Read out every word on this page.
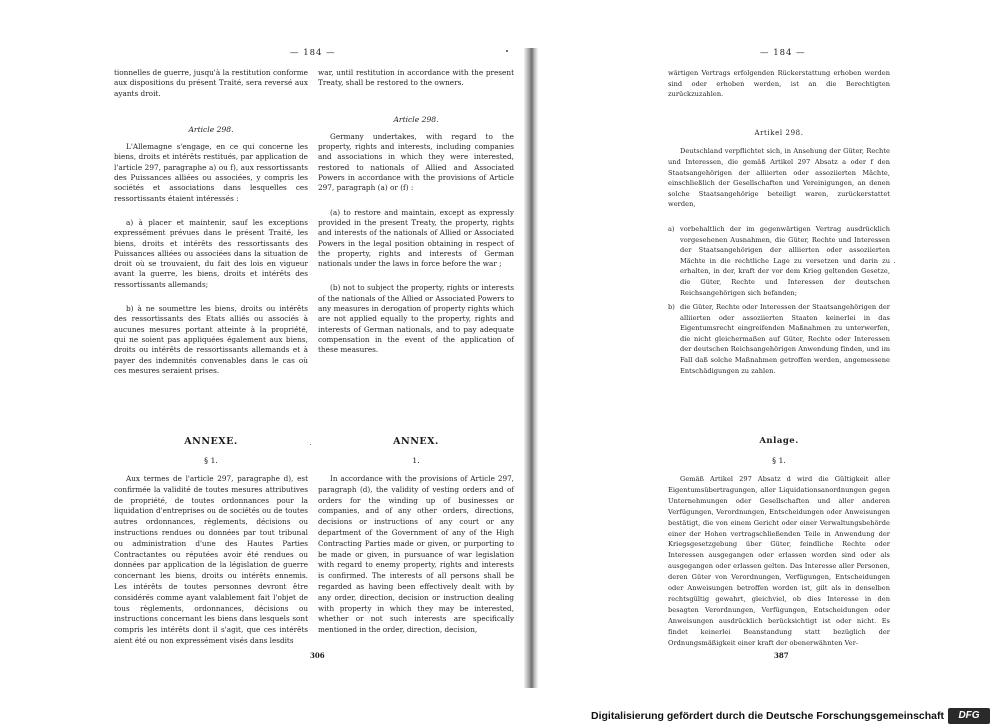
— 184 —

tionnelles de guerre, jusqu'à la restitution conforme aux dispositions du présent Traité, sera reversé aux ayants droit.

Article 298.

L'Allemagne s'engage, en ce qui concerne les biens, droits et intérêts restitués, par application de l'article 297, paragraphe a) ou f), aux ressortissants des Puissances alliées ou associées, y compris les sociétés et associations dans lesquelles ces ressortissants étaient intéressés :

a) à placer et maintenir, sauf les exceptions expressément prévues dans le présent Traité, les biens, droits et intérêts des ressortissants des Puissances alliées ou associées dans la situation de droit où se trouvaient, du fait des lois en vigueur avant la guerre, les biens, droits et intérêts des ressortissants allemands;

b) à ne soumettre les biens, droits ou intérêts des ressortissants des Etats alliés ou associés à aucunes mesures portant atteinte à la propriété, qui ne soient pas appliquées également aux biens, droits ou intérêts de ressortissants allemands et à payer des indemnités convenables dans le cas où ces mesures seraient prises.

war, until restitution in accordance with the present Treaty, shall be restored to the owners.

Article 298.

Germany undertakes, with regard to the property, rights and interests, including companies and associations in which they were interested, restored to nationals of Allied and Associated Powers in accordance with the provisions of Article 297, paragraph (a) or (f) :

(a) to restore and maintain, except as expressly provided in the present Treaty, the property, rights and interests of the nationals of Allied or Associated Powers in the legal position obtaining in respect of the property, rights and interests of German nationals under the laws in force before the war ;

(b) not to subject the property, rights or interests of the nationals of the Allied or Associated Powers to any measures in derogation of property rights which are not applied equally to the property, rights and interests of German nationals, and to pay adequate compensation in the event of the application of these measures.

ANNEXE.	ANNEX.
§ 1.	1.

Aux termes de l'article 297, paragraphe d), est confirmée la validité de toutes mesures attributives de propriété, de toutes ordonnances pour la liquidation d'entreprises ou de sociétés ou de toutes autres ordonnances, règlements, décisions ou instructions rendues ou données par tout tribunal ou administration d'une des Hautes Parties Contractantes ou réputées avoir été rendues ou données par application de la législation de guerre concernant les biens, droits ou intérêts ennemis. Les intérêts de toutes personnes devront être considérés comme ayant valablement fait l'objet de tous règlements, ordonnances, décisions ou instructions concernant les biens dans lesquels sont compris les intérêts dont il s'agit, que ces intérêts aient été ou non expressément visés dans lesdits

In accordance with the provisions of Article 297, paragraph (d), the validity of vesting orders and of orders for the winding up of businesses or companies, and of any other orders, directions, decisions or instructions of any court or any department of the Government of any of the High Contracting Parties made or given, or purporting to be made or given, in pursuance of war legislation with regard to enemy property, rights and interests is confirmed. The interests of all persons shall be regarded as having been effectively dealt with by any order, direction, decision or instruction dealing with property in which they may be interested, whether or not such interests are specifically mentioned in the order, direction, decision,

306
— 184 —

wärtigen Vertrags erfolgenden Rückerstattung erhoben werden sind oder erhoben werden, ist an die Berechtigten zurückzuzahlen.

Artikel 298.

Deutschland verpflichtet sich, in Ansehung der Güter, Rechte und Interessen, die gemäß Artikel 297 Absatz a oder f den Staatsangehörigen der alliierten oder assoziierten Mächte, einschließlich der Gesellschaften und Vereinigungen, an denen solche Staatsangehörige beteiligt waren, zurückerstattet werden,

a) vorbehaltlich der im gegenwärtigen Vertrag ausdrücklich vorgesehenen Ausnahmen, die Güter, Rechte und Interessen der Staatsangehörigen der alliierten oder assoziierten Mächte in die rechtliche Lage zu versetzen und darin zu erhalten, in der, kraft der vor dem Krieg geltenden Gesetze, die Güter, Rechte und Interessen der deutschen Reichsangehörigen sich befanden;
b) die Güter, Rechte oder Interessen der Staatsangehörigen der alliierten oder assoziierten Staaten keinerlei in das Eigentumsrecht eingreifenden Maßnahmen zu unterwerfen, die nicht gleichermaßen auf Güter, Rechte oder Interessen der deutschen Reichsangehörigen Anwendung finden, und im Fall daß solche Maßnahmen getroffen werden, angemessene Entschädigungen zu zahlen.
Anlage.
§ 1.

Gemäß Artikel 297 Absatz d wird die Gültigkeit aller Eigentumsübertragungen, aller Liquidationsanordnungen gegen Unternehmungen oder Gesellschaften und aller anderen Verfügungen, Verordnungen, Entscheidungen oder Anweisungen bestätigt, die von einem Gericht oder einer Verwaltungsbehörde einer der Hohen vertragschließenden Teile in Anwendung der Kriegsgesetzgebung über Güter, feindliche Rechte oder Interessen ausgegangen oder erlassen worden sind oder als ausgegangen oder erlassen gelten. Das Interesse aller Personen, deren Güter von Verordnungen, Verfügungen, Entscheidungen oder Anweisungen betroffen worden ist, gilt als in denselben rechtsgültig gewahrt, gleichviel, ob dies Interesse in den besagten Verordnungen, Verfügungen, Entscheidungen oder Anweisungen ausdrücklich berücksichtigt ist oder nicht. Es findet keinerlei Beanstandung statt bezüglich der Ordnungsmäßigkeit einer kraft der obenerwähnten Ver-

387
Digitalisierung gefördert durch die Deutsche Forschungsgemeinschaft	DFG
